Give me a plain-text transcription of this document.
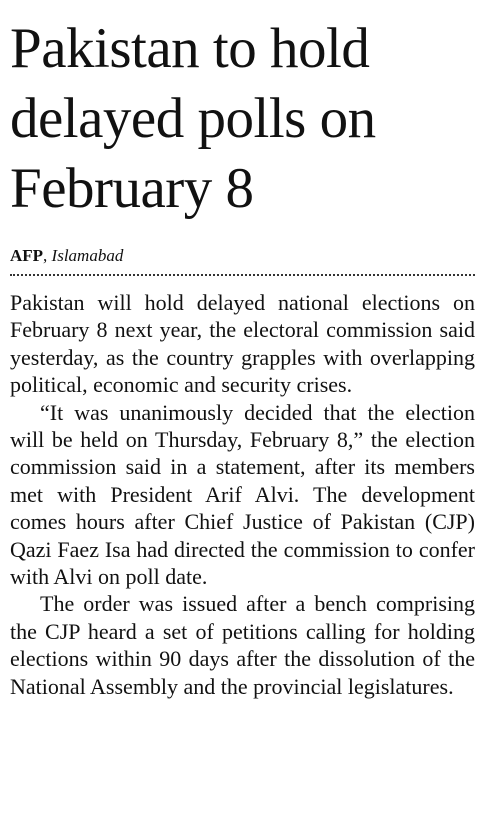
Pakistan to hold delayed polls on February 8
AFP, Islamabad

Pakistan will hold delayed national elections on February 8 next year, the electoral commission said yesterday, as the country grapples with overlapping political, economic and security crises.

“It was unanimously decided that the election will be held on Thursday, February 8,” the election commission said in a statement, after its members met with President Arif Alvi. The development comes hours after Chief Justice of Pakistan (CJP) Qazi Faez Isa had directed the commission to confer with Alvi on poll date.

The order was issued after a bench comprising the CJP heard a set of petitions calling for holding elections within 90 days after the dissolution of the National Assembly and the provincial legislatures.
